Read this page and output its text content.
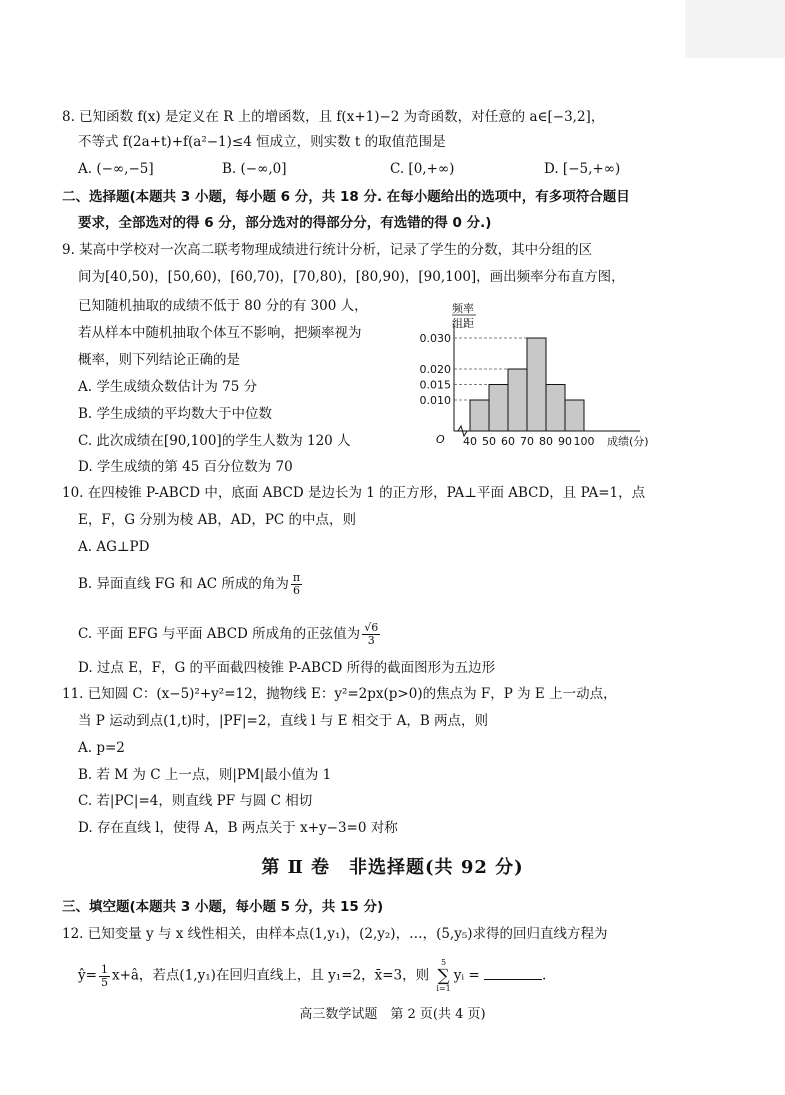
8. 已知函数 f(x) 是定义在 R 上的增函数，且 f(x+1)−2 为奇函数，对任意的 a∈[−3,2]，
不等式 f(2a+t)+f(a²−1)≤4 恒成立，则实数 t 的取值范围是
A. (−∞,−5]	B. (−∞,0]	C. [0,+∞)	D. [−5,+∞)
二、选择题(本题共 3 小题，每小题 6 分，共 18 分. 在每小题给出的选项中，有多项符合题目
要求，全部选对的得 6 分，部分选对的得部分分，有选错的得 0 分.)
9. 某高中学校对一次高二联考物理成绩进行统计分析，记录了学生的分数，其中分组的区
间为[40,50)，[50,60)，[60,70)，[70,80)，[80,90)，[90,100]，画出频率分布直方图，
已知随机抽取的成绩不低于 80 分的有 300 人，
若从样本中随机抽取个体互不影响，把频率视为
概率，则下列结论正确的是
A. 学生成绩众数估计为 75 分
B. 学生成绩的平均数大于中位数
C. 此次成绩在[90,100]的学生人数为 120 人
D. 学生成绩的第 45 百分位数为 70
频率
组距
0.010
0.015
0.020
0.030
40 50 60 70 80 90 100
O	成绩(分)
10. 在四棱锥 P-ABCD 中，底面 ABCD 是边长为 1 的正方形，PA⊥平面 ABCD，且 PA=1，点
E，F，G 分别为棱 AB，AD，PC 的中点，则
A. AG⊥PD
B. 异面直线 FG 和 AC 所成的角为 $\frac{\pi}{6}$
C. 平面 EFG 与平面 ABCD 所成角的正弦值为 $\frac{√6}{3}$
D. 过点 E，F，G 的平面截四棱锥 P-ABCD 所得的截面图形为五边形
11. 已知圆 C：(x−5)²+y²=12，抛物线 E：y²=2px(p>0)的焦点为 F，P 为 E 上一动点，
当 P 运动到点(1,t)时，|PF|=2，直线 l 与 E 相交于 A，B 两点，则
A. p=2
B. 若 M 为 C 上一点，则|PM|最小值为 1
C. 若|PC|=4，则直线 PF 与圆 C 相切
D. 存在直线 l，使得 A，B 两点关于 x+y−3=0 对称
第 Ⅱ 卷　非选择题(共 92 分)
三、填空题(本题共 3 小题，每小题 5 分，共 15 分)
12. 已知变量 y 与 x 线性相关，由样本点(1,y₁)，(2,y₂)，…，(5,y₅)求得的回归直线方程为
ŷ= $\frac{1}{5}$ x+â，若点(1,y₁)在回归直线上，且 y₁=2，x̄=3，则
5
∑
i=1
yᵢ =	.
高三数学试题　第 2 页(共 4 页)
